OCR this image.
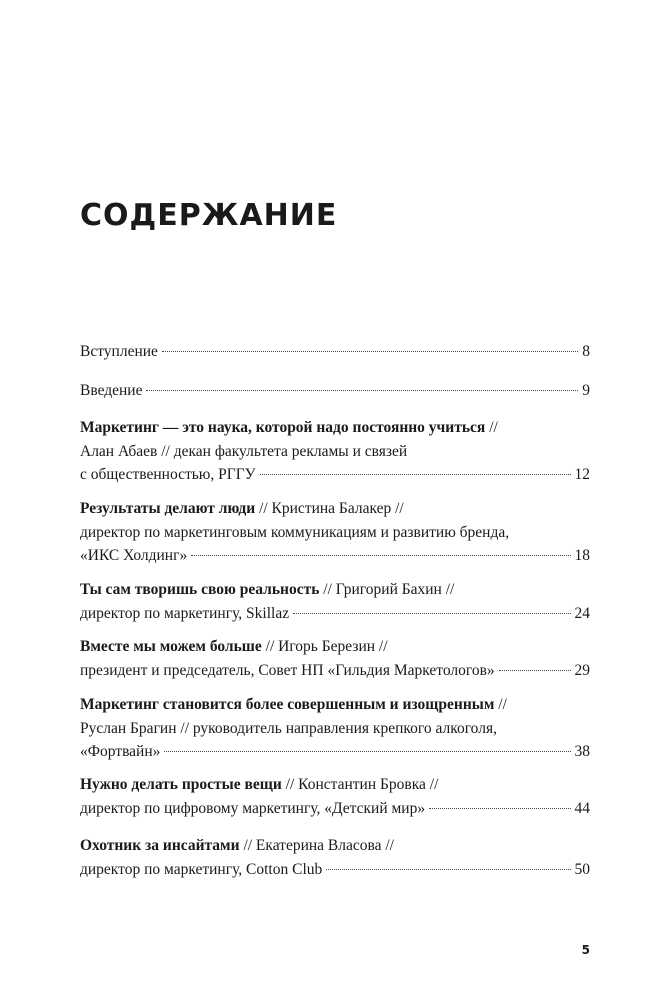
СОДЕРЖАНИЕ
Вступление	8
Введение	9
Маркетинг — это наука, которой надо постоянно учиться //
Алан Абаев // декан факультета рекламы и связей
с общественностью, РГГУ	12
Результаты делают люди // Кристина Балакер //
директор по маркетинговым коммуникациям и развитию бренда,
«ИКС Холдинг»	18
Ты сам творишь свою реальность // Григорий Бахин //
директор по маркетингу, Skillaz	24
Вместе мы можем больше // Игорь Березин //
президент и председатель, Совет НП «Гильдия Маркетологов»	29
Маркетинг становится более совершенным и изощренным //
Руслан Брагин // руководитель направления крепкого алкоголя,
«Фортвайн»	38
Нужно делать простые вещи // Константин Бровка //
директор по цифровому маркетингу, «Детский мир»	44
Охотник за инсайтами // Екатерина Власова //
директор по маркетингу, Cotton Club	50
5
